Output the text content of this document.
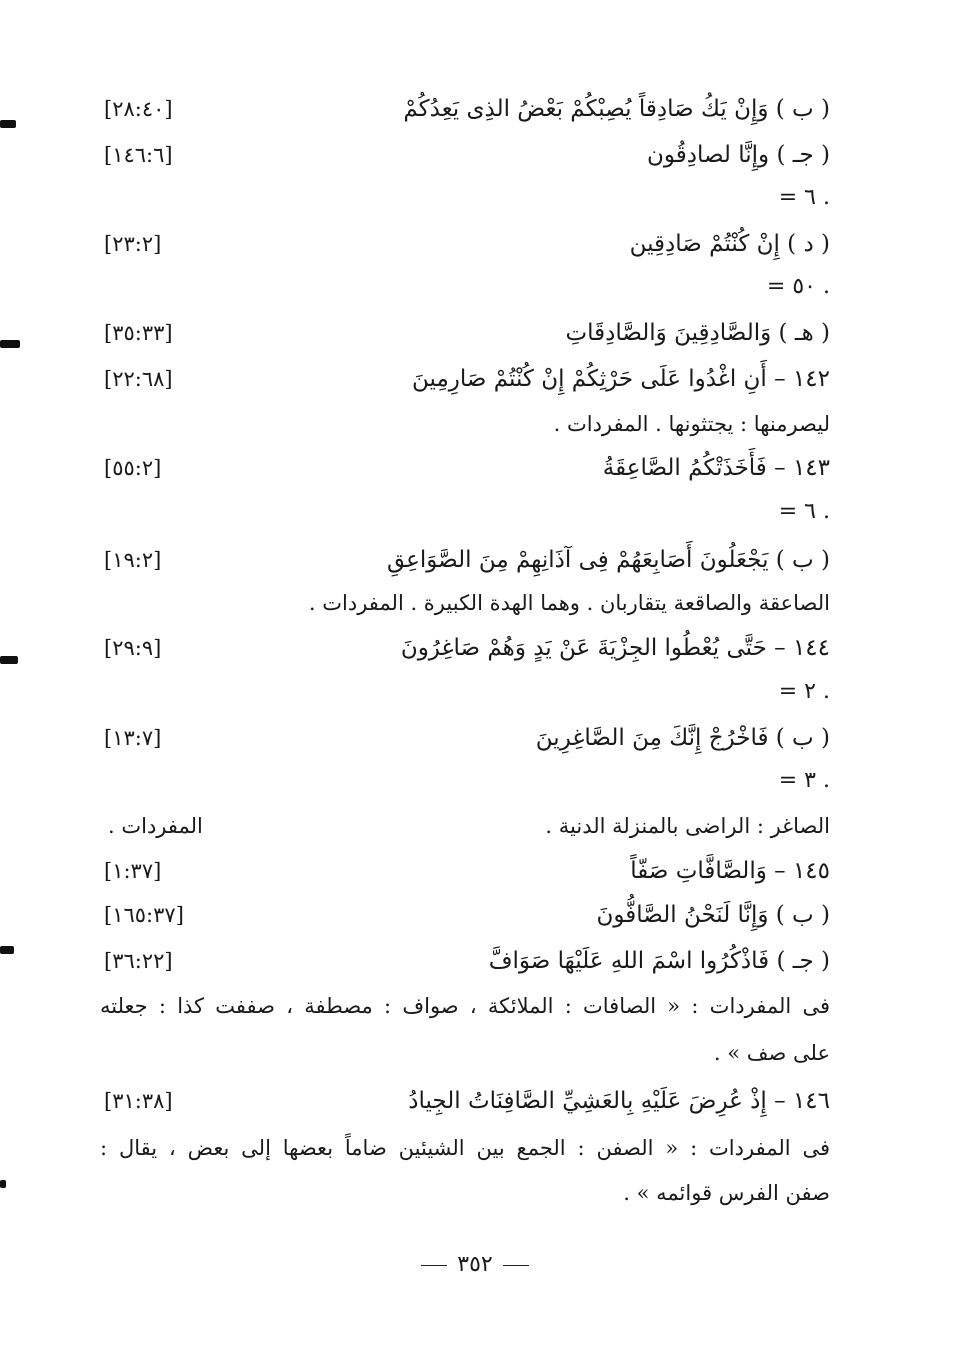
( ب ) وَإِنْ يَكُ صَادِقاً يُصِبْكُمْ بَعْضُ الذِى يَعِدُكُمْ
[٢٨:٤٠]
( جـ ) وإِنَّا لصادِقُون
[١٤٦:٦]
= ٦ .
( د ) إِنْ كُنْتُمْ صَادِقِين
[٢٣:٢]
= ٥٠ .
( هـ ) وَالصَّادِقِينَ وَالصَّادِقَاتِ
[٣٥:٣٣]
١٤٢ – أَنِ اغْدُوا عَلَى حَرْثِكُمْ إِنْ كُنْتُمْ صَارِمِينَ
[٢٢:٦٨]
ليصرمنها : يجتثونها . المفردات .
١٤٣ – فَأَخَذَتْكُمُ الصَّاعِقَةُ
[٥٥:٢]
= ٦ .
( ب ) يَجْعَلُونَ أَصَابِعَهُمْ فِى آذَانِهِمْ مِنَ الصَّوَاعِقِ
[١٩:٢]
الصاعقة والصاقعة يتقاربان . وهما الهدة الكبيرة . المفردات .
١٤٤ – حَتَّى يُعْطُوا الجِزْيَةَ عَنْ يَدٍ وَهُمْ صَاغِرُونَ
[٢٩:٩]
= ٢ .
( ب ) فَاخْرُجْ إِنَّكَ مِنَ الصَّاغِرِينَ
[١٣:٧]
= ٣ .
الصاغر : الراضى بالمنزلة الدنية .
المفردات .
١٤٥ – وَالصَّافَّاتِ صَفّاً
[١:٣٧]
( ب ) وَإِنَّا لَنَحْنُ الصَّافُّونَ
[١٦٥:٣٧]
( جـ ) فَاذْكُرُوا اسْمَ اللهِ عَلَيْهَا صَوَافَّ
[٣٦:٢٢]
فى المفردات : « الصافات : الملائكة ، صواف : مصطفة ، صففت كذا : جعلته
على صف » .
١٤٦ – إِذْ عُرِضَ عَلَيْهِ بِالعَشِيِّ الصَّافِنَاتُ الجِيادُ
[٣١:٣٨]
فى المفردات : « الصفن : الجمع بين الشيئين ضاماً بعضها إلى بعض ، يقال :
صفن الفرس قوائمه » .
٣٥٢
